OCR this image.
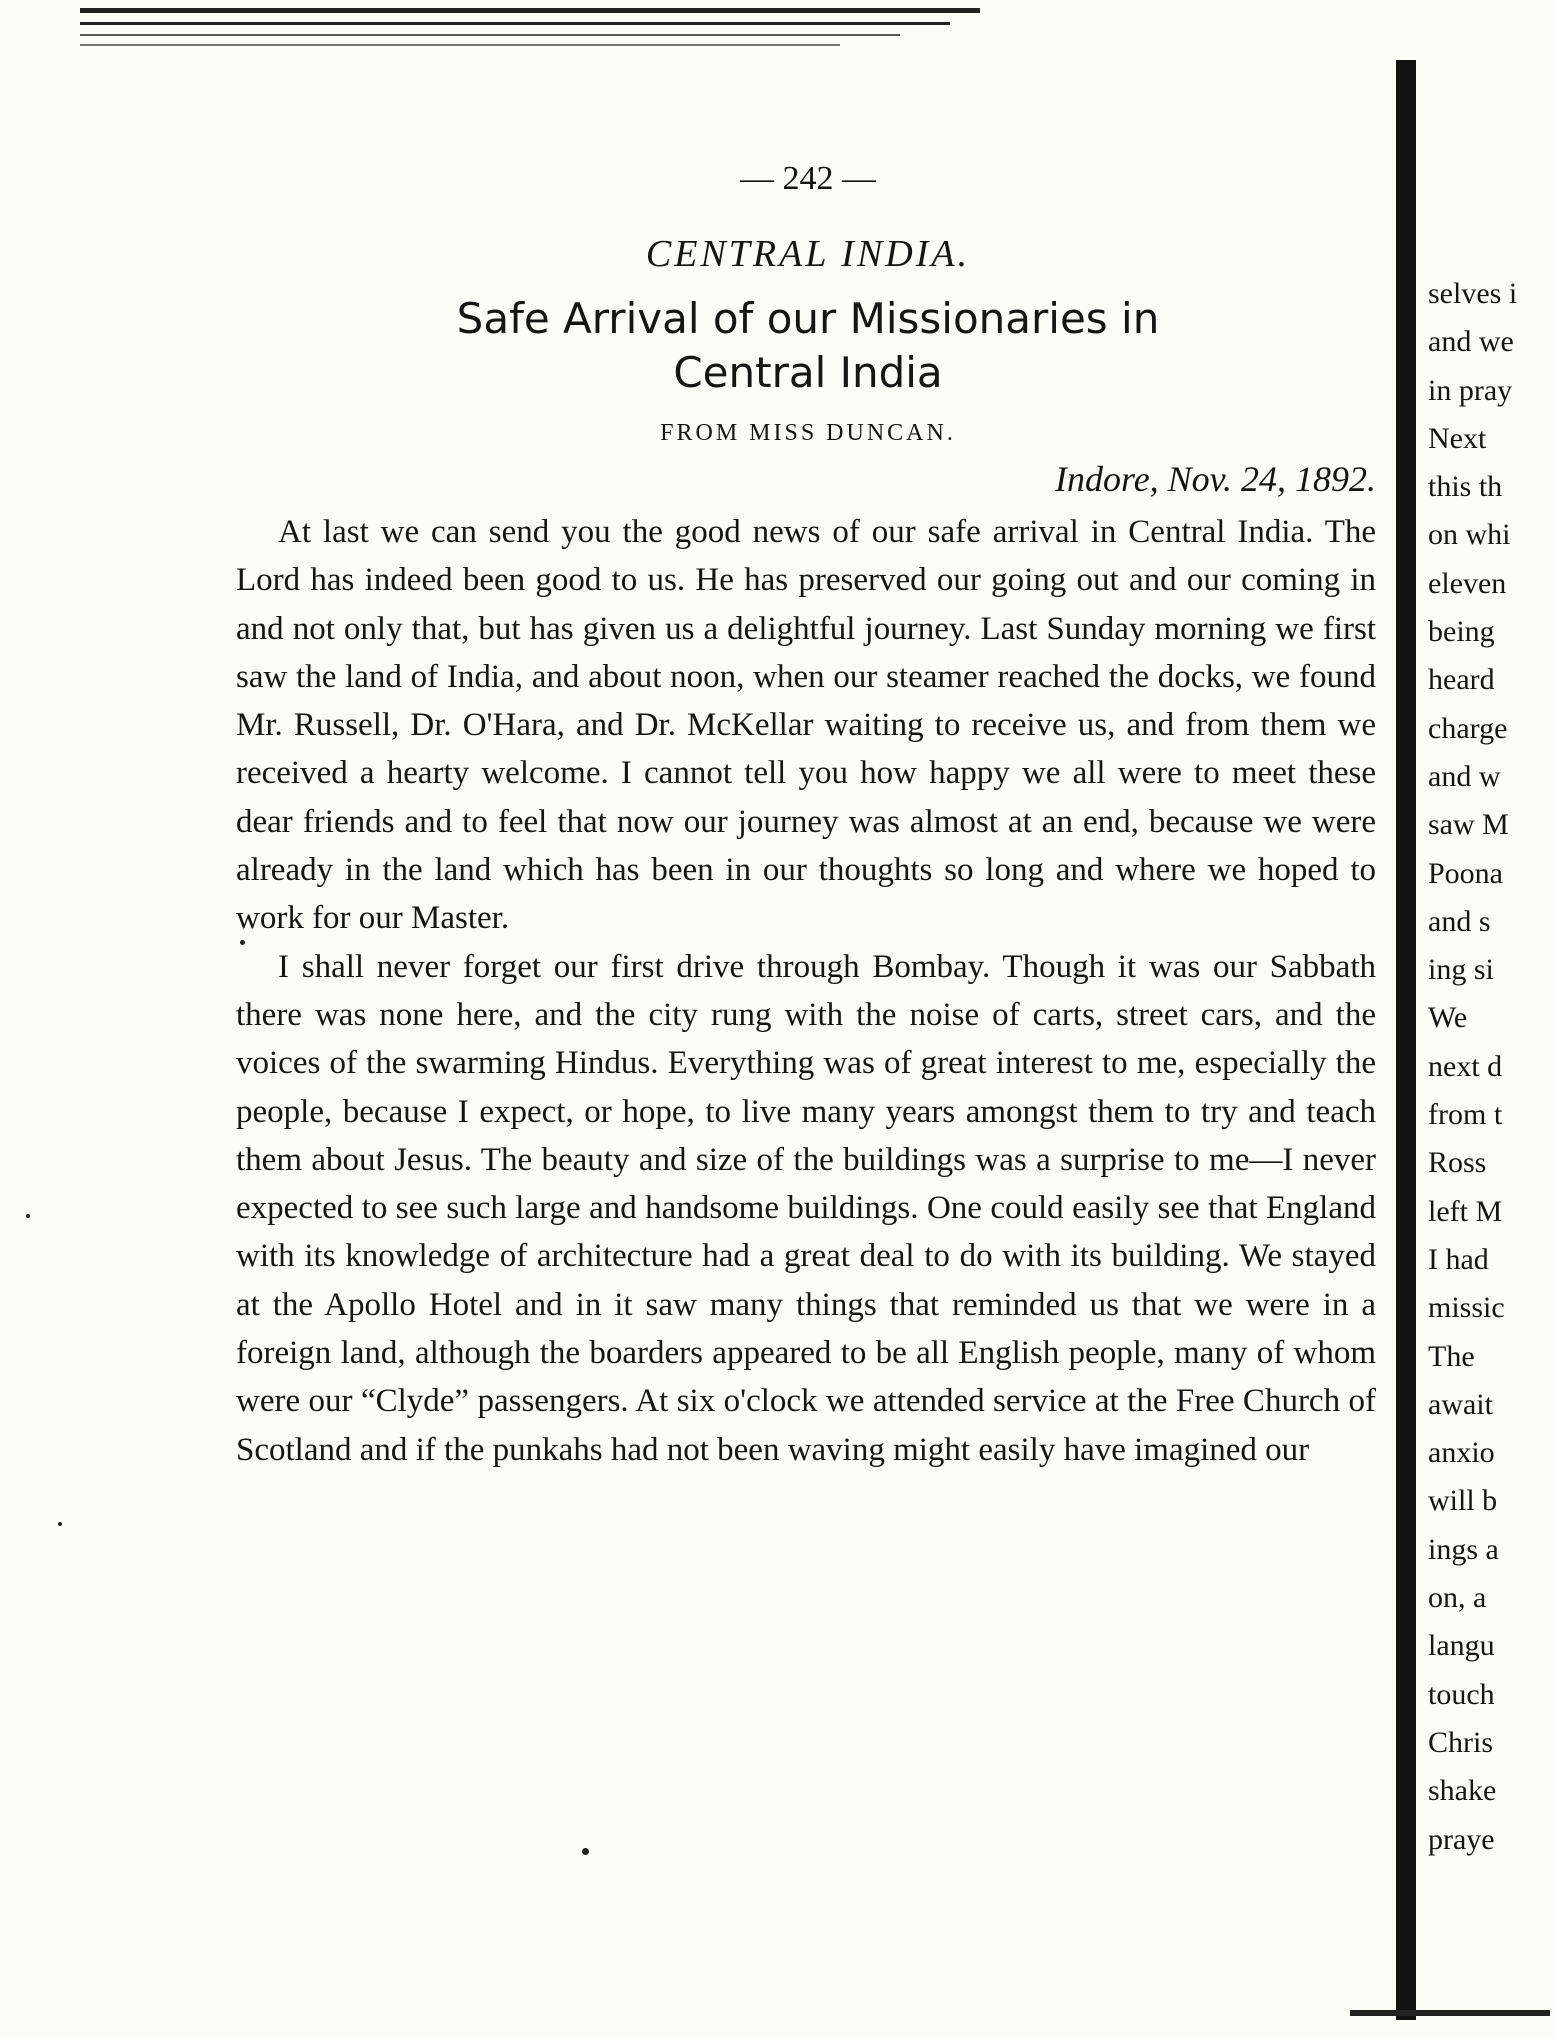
— 242 —
CENTRAL INDIA.
Safe Arrival of our Missionaries in
Central India
FROM MISS DUNCAN.
Indore, Nov. 24, 1892.

At last we can send you the good news of our safe arrival in Central India. The Lord has indeed been good to us. He has preserved our going out and our coming in and not only that, but has given us a delightful journey. Last Sunday morning we first saw the land of India, and about noon, when our steamer reached the docks, we found Mr. Russell, Dr. O'Hara, and Dr. McKellar waiting to receive us, and from them we received a hearty welcome. I cannot tell you how happy we all were to meet these dear friends and to feel that now our journey was almost at an end, because we were already in the land which has been in our thoughts so long and where we hoped to work for our Master.

I shall never forget our first drive through Bombay. Though it was our Sabbath there was none here, and the city rung with the noise of carts, street cars, and the voices of the swarming Hindus. Everything was of great interest to me, especially the people, because I expect, or hope, to live many years amongst them to try and teach them about Jesus. The beauty and size of the buildings was a surprise to me—I never expected to see such large and handsome buildings. One could easily see that England with its knowledge of architecture had a great deal to do with its building. We stayed at the Apollo Hotel and in it saw many things that reminded us that we were in a foreign land, although the boarders appeared to be all English people, many of whom were our “Clyde” passengers. At six o'clock we attended service at the Free Church of Scotland and if the punkahs had not been waving might easily have imagined our

selves i
and we
in pray
Next
this th
on whi
eleven
being
heard
charge
and w
saw M
Poona
and s
ing si
We
next d
from t
Ross
left M
I had
missic
The
await
anxio
will b
ings a
on, a
langu
touch
Chris
shake
praye
